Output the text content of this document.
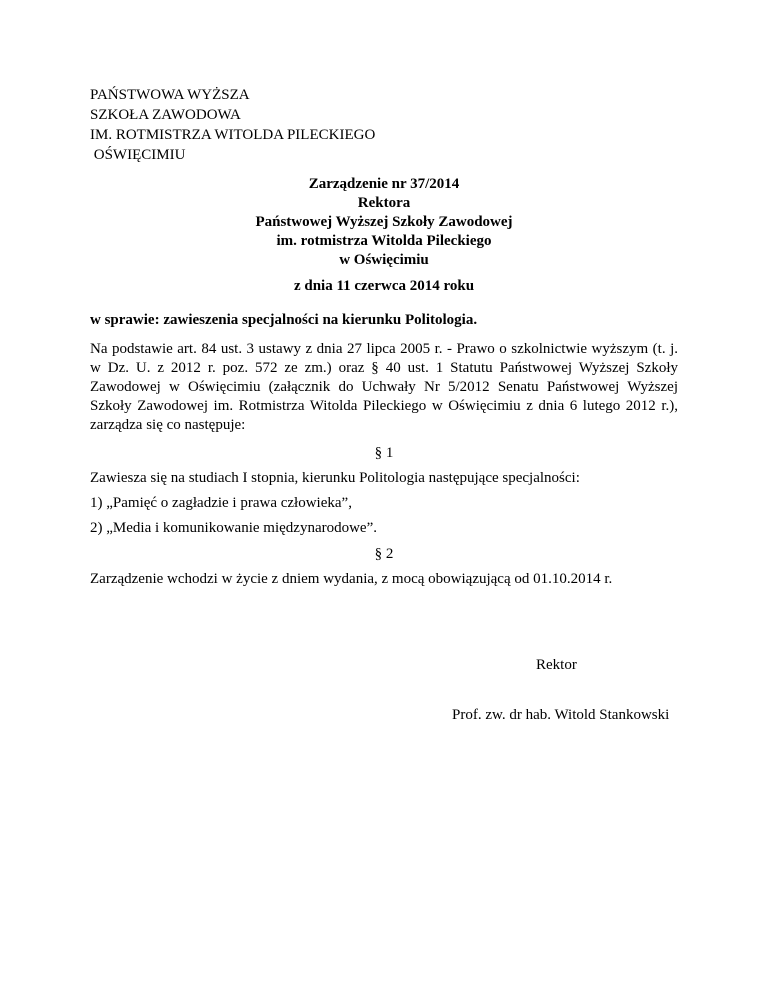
PAŃSTWOWA WYŻSZA
SZKOŁA ZAWODOWA
IM. ROTMISTRZA WITOLDA PILECKIEGO
OŚWIĘCIMIU
Zarządzenie nr 37/2014
Rektora
Państwowej Wyższej Szkoły Zawodowej
im. rotmistrza Witolda Pileckiego
w Oświęcimiu
z dnia 11 czerwca 2014 roku
w sprawie: zawieszenia specjalności na kierunku Politologia.
Na podstawie art. 84 ust. 3 ustawy z dnia 27 lipca 2005 r. - Prawo o szkolnictwie wyższym (t. j. w Dz. U. z 2012 r. poz. 572 ze zm.) oraz § 40 ust. 1 Statutu Państwowej Wyższej Szkoły Zawodowej w Oświęcimiu (załącznik do Uchwały Nr 5/2012 Senatu Państwowej Wyższej Szkoły Zawodowej im. Rotmistrza Witolda Pileckiego w Oświęcimiu z dnia 6 lutego 2012 r.), zarządza się co następuje:
§ 1
Zawiesza się na studiach I stopnia, kierunku Politologia następujące specjalności:
1) „Pamięć o zagładzie i prawa człowieka”,
2) „Media i komunikowanie międzynarodowe”.
§ 2
Zarządzenie wchodzi w życie z dniem wydania, z mocą obowiązującą od 01.10.2014 r.
Rektor
Prof. zw. dr hab. Witold Stankowski
